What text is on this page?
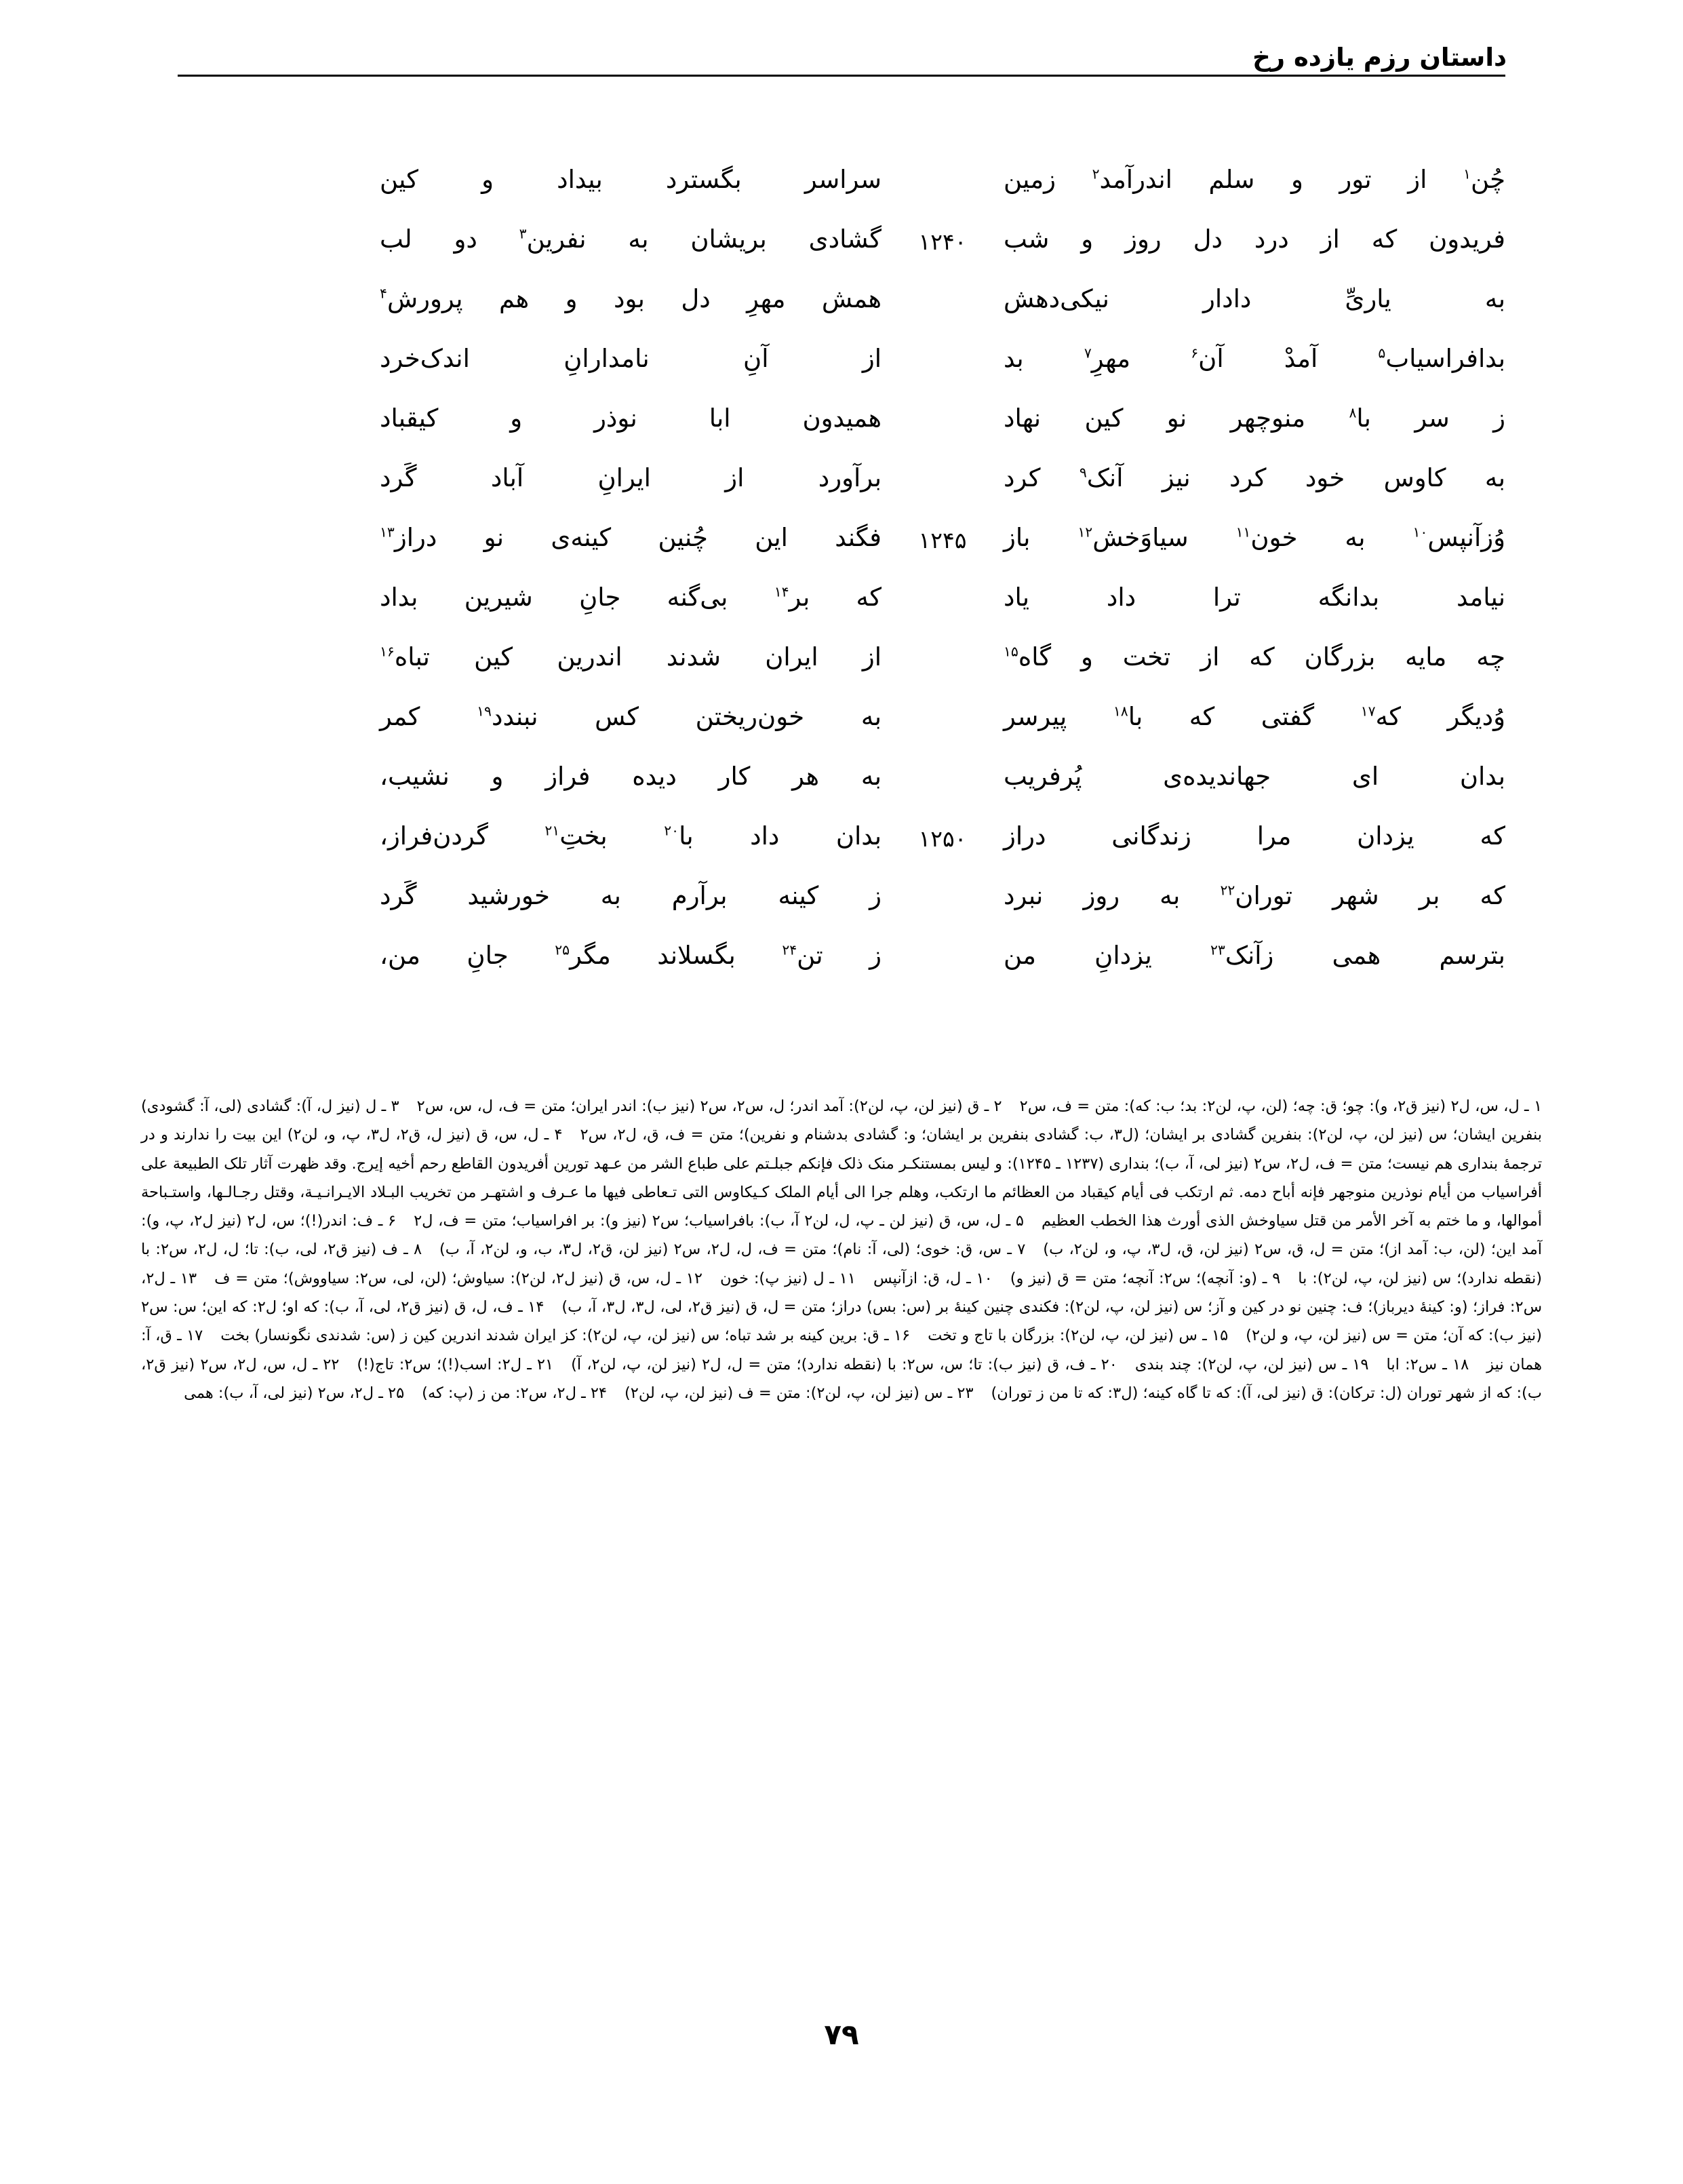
داستان رزم یازده رخ
چُن$^۱$ از تور و سلم اندرآمد$^۲$ زمین
سراسر بگسترد بیداد و کین
فریدون که از درد دل روز و شب
۱۲۴۰
گشادی بریشان به نفرین$^۳$ دو لب
به یاریِّ دادار نیکی‌دهش
همش مهرِ دل بود و هم پرورش$^۴$
بدافراسیاب$^۵$ آمدْ آن$^۶$ مهرِ$^۷$ بد
از آنِ نامدارانِ اندک‌خرد
ز سر با$^۸$ منوچهر نو کین نهاد
همیدون ابا نوذر و کیقباد
به کاوس خود کرد نیز آنک$^۹$ کرد
برآورد از ایرانِ آباد گَرد
وُزآنپس$^{۱۰}$ به خون$^{۱۱}$ سیاوَخش$^{۱۲}$ باز
۱۲۴۵
فگند این چُنین کینه‌ی نو دراز$^{۱۳}$
نیامد بدانگه ترا داد یاد
که بر$^{۱۴}$ بی‌گنه جانِ شیرین بداد
چه مایه بزرگان که از تخت و گاه$^{۱۵}$
از ایران شدند اندرین کین تباه$^{۱۶}$
وُدیگر که$^{۱۷}$ گفتی که با$^{۱۸}$ پیرسر
به خون‌ریختن کس نبندد$^{۱۹}$ کمر
بدان ای جهاندیده‌ی پُرفریب
به هر کار دیده فراز و نشیب،
که یزدان مرا زندگانی دراز
۱۲۵۰
بدان داد با$^{۲۰}$ بختِ$^{۲۱}$ گردن‌فراز،
که بر شهر توران$^{۲۲}$ به روز نبرد
ز کینه برآرم به خورشید گَرد
بترسم همی زآنک$^{۲۳}$ یزدانِ من
ز تن$^{۲۴}$ بگسلاند مگر$^{۲۵}$ جانِ من،

۱ ـ ل، س، ل۲ (نیز ق۲، و): چو؛ ق: چه؛ (لن، پ، لن۲: بد؛ ب: که): متن = ف، س۲۲ ـ ق (نیز لن، پ، لن۲): آمد اندر؛ ل، س۲، س۲ (نیز ب): اندر ایران؛ متن = ف، ل، س، س۲۳ ـ ل (نیز ل، آ): گشادی (لی، آ: گشودی) بنفرین ایشان؛ س (نیز لن، پ، لن۲): بنفرین گشادی بر ایشان؛ (ل۳، ب: گشادی بنفرین بر ایشان؛ و: گشادی بدشنام و نفرین)؛ متن = ف، ق، ل۲، س۲۴ ـ ل، س، ق (نیز ل، ق۲، ل۳، پ، و، لن۲) این بیت را ندارند و در ترجمهٔ بنداری هم نیست؛ متن = ف، ل۲، س۲ (نیز لی، آ، ب)؛ بنداری (۱۲۳۷ ـ ۱۲۴۵): و لیس بمستنکـر منک ذلک فإنکم جبلـتم علی طباع الشر من عـهد تورین أفریدون القاطع رحم أخیه إیرج. وقد ظهرت آثار تلک الطبیعة علی أفراسیاب من أیام نوذرین منوجهر فإنه أباح دمه. ثم ارتکب فی أیام کیقباد من العظائم ما ارتکب، وهلم جرا الی أیام الملک کـیکاوس التی تـعاطی فیها ما عـرف و اشتهـر من تخریب البـلاد الایـرانـیـة، وقتل رجـالـها، واستـباحة أموالها، و ما ختم به آخر الأمر من قتل سیاوخش الذی أورث هذا الخطب العظیم۵ ـ ل، س، ق (نیز لن ـ پ، ل، لن۲ آ، ب): بافراسیاب؛ س۲ (نیز و): بر افراسیاب؛ متن = ف، ل۲۶ ـ ف: اندر(!)؛ س، ل۲ (نیز ل۲، پ، و): آمد این؛ (لن، ب: آمد از)؛ متن = ل، ق، س۲ (نیز لن، ق، ل۳، پ، و، لن۲، ب)۷ ـ س، ق: خوی؛ (لی، آ: نام)؛ متن = ف، ل، ل۲، س۲ (نیز لن، ق۲، ل۳، ب، و، لن۲، آ، ب)۸ ـ ف (نیز ق۲، لی، ب): تا؛ ل، ل۲، س۲: با (نقطه ندارد)؛ س (نیز لن، پ، لن۲): با۹ ـ (و: آنچه)؛ س۲: آنچه؛ متن = ق (نیز و)۱۰ ـ ل، ق: ازآنپس۱۱ ـ ل (نیز پ): خون۱۲ ـ ل، س، ق (نیز ل۲، لن۲): سیاوش؛ (لن، لی، س۲: سیاووش)؛ متن = ف۱۳ ـ ل۲، س۲: فراز؛ (و: کینهٔ دیرباز)؛ ف: چنین نو در کین و آز؛ س (نیز لن، پ، لن۲): فکندی چنین کینهٔ بر (س: بس) دراز؛ متن = ل، ق (نیز ق۲، لی، ل۳، ل۳، آ، ب)۱۴ ـ ف، ل، ق (نیز ق۲، لی، آ، ب): که او؛ ل۲: که این؛ س: س۲ (نیز ب): که آن؛ متن = س (نیز لن، پ، و لن۲)۱۵ ـ س (نیز لن، پ، لن۲): بزرگان با تاج و تخت۱۶ ـ ق: برین کینه بر شد تباه؛ س (نیز لن، پ، لن۲): کز ایران شدند اندرین کین ز (س: شدندی نگونسار) بخت۱۷ ـ ق، آ: همان نیز۱۸ ـ س۲: ابا۱۹ ـ س (نیز لن، پ، لن۲): چند بندی۲۰ ـ ف، ق (نیز ب): تا؛ س، س۲: با (نقطه ندارد)؛ متن = ل، ل۲ (نیز لن، پ، لن۲، آ)۲۱ ـ ل۲: اسب(!)؛ س۲: تاج(!)۲۲ ـ ل، س، ل۲، س۲ (نیز ق۲، ب): که از شهر توران (ل: ترکان): ق (نیز لی، آ): که تا گاه کینه؛ (ل۳: که تا من ز توران)۲۳ ـ س (نیز لن، پ، لن۲): متن = ف (نیز لن، پ، لن۲)۲۴ ـ ل۲، س۲: من ز (پ: که)۲۵ ـ ل۲، س۲ (نیز لی، آ، ب): همی

۷۹
